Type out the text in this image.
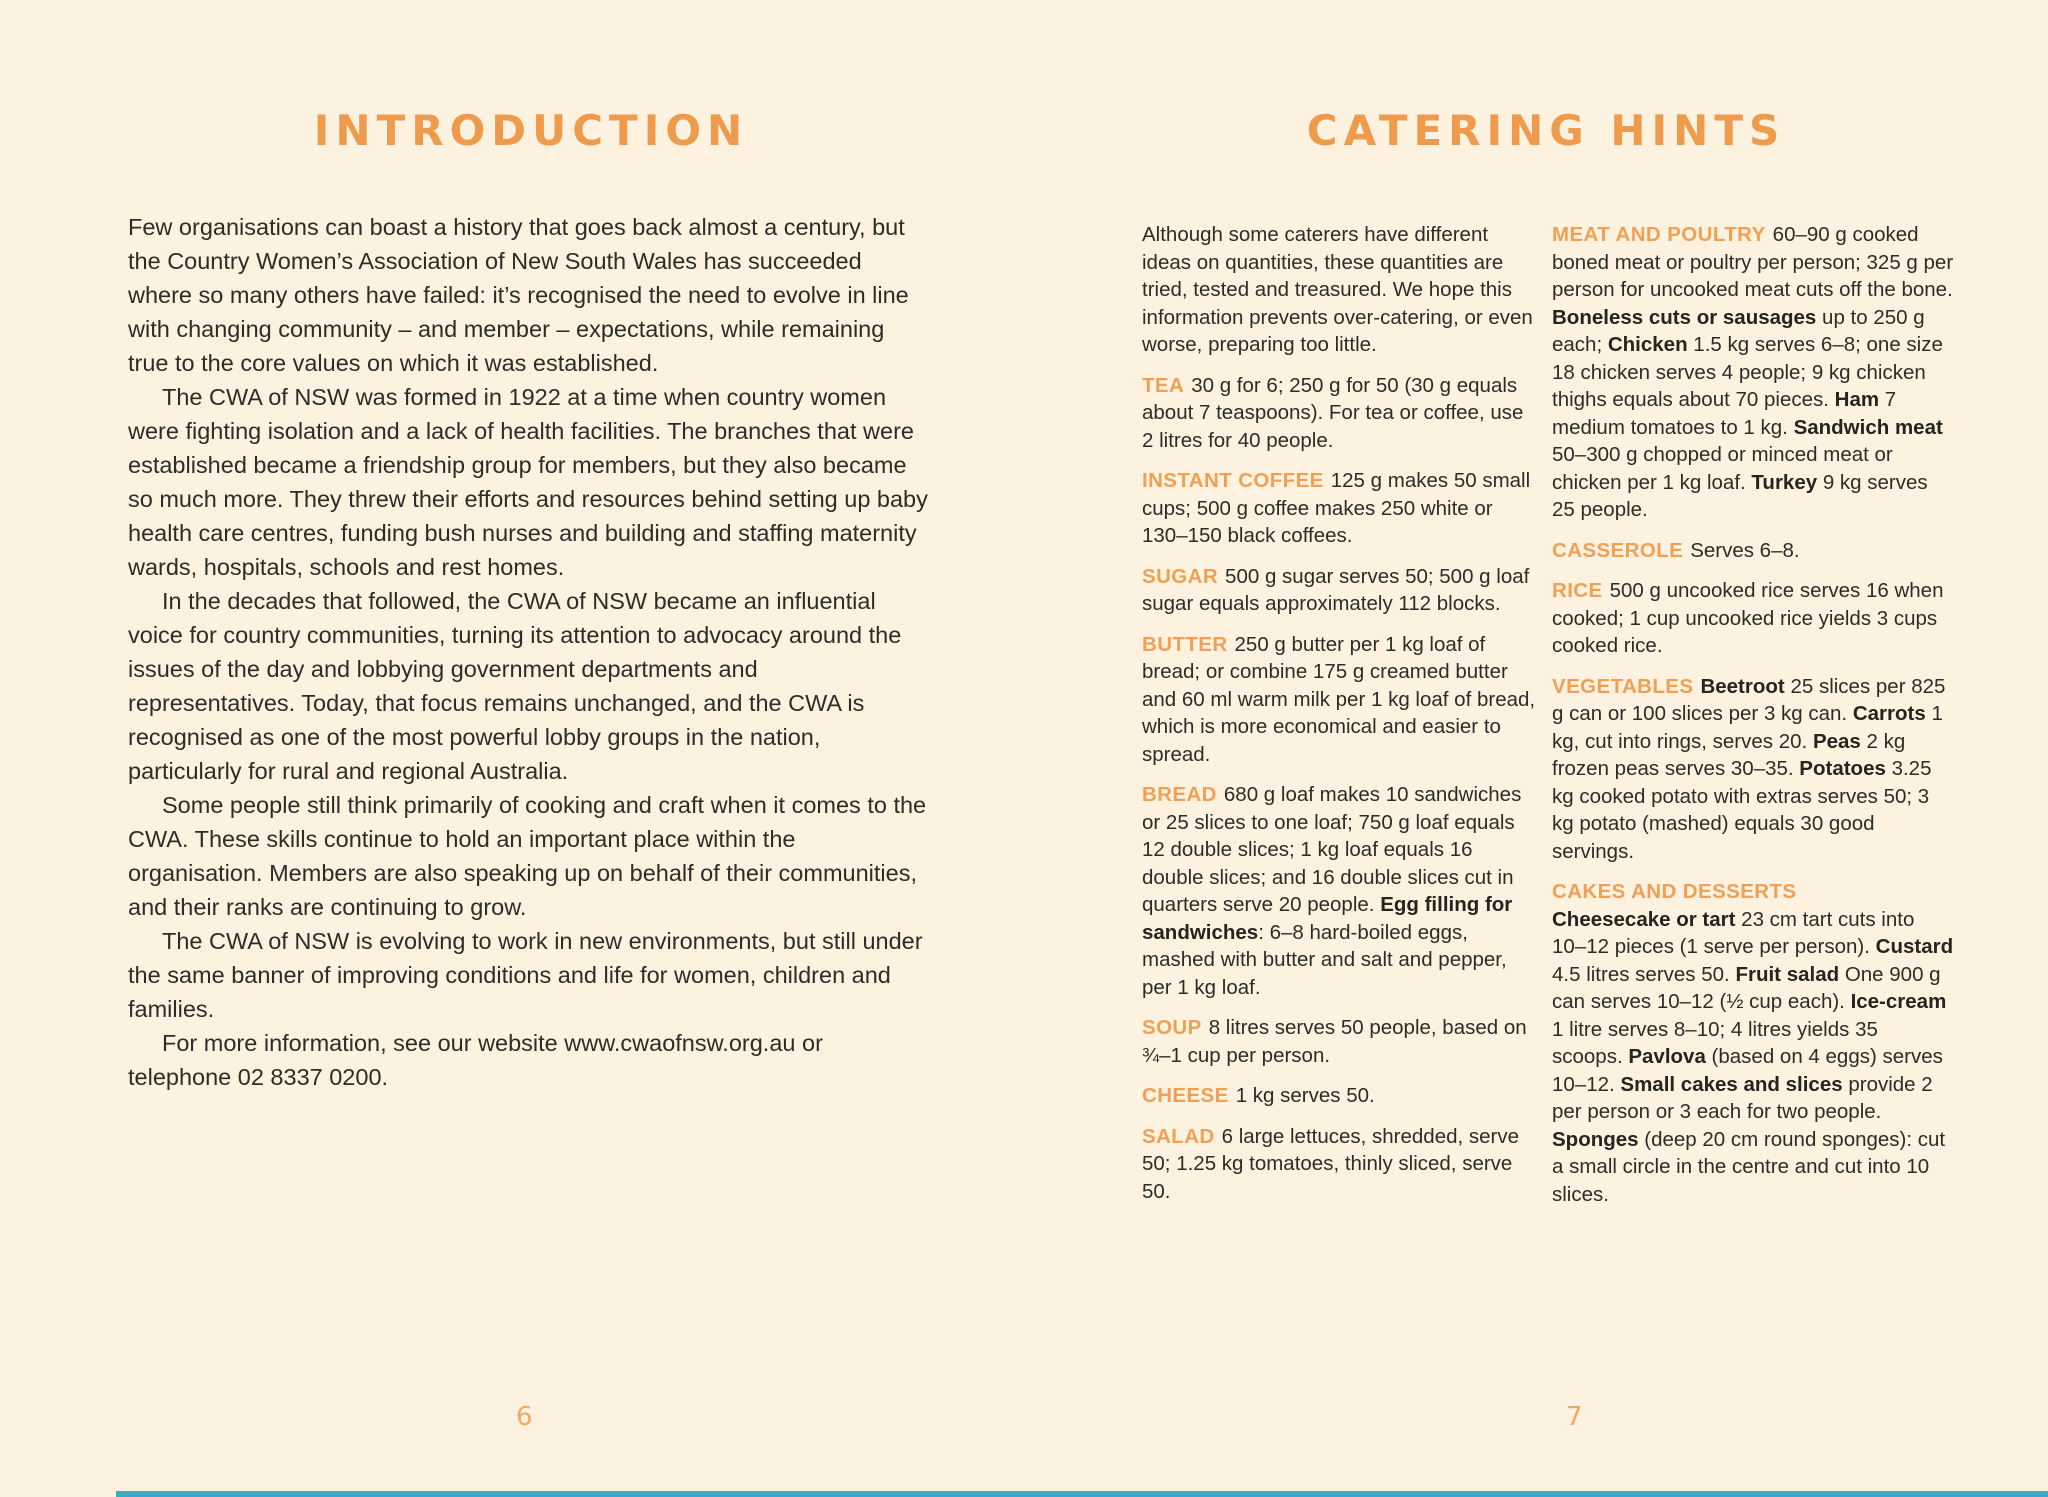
INTRODUCTION

Few organisations can boast a history that goes back almost a century, but the Country Women’s Association of New South Wales has succeeded where so many others have failed: it’s recognised the need to evolve in line with changing community – and member – expectations, while remaining true to the core values on which it was established.

The CWA of NSW was formed in 1922 at a time when country women were fighting isolation and a lack of health facilities. The branches that were established became a friendship group for members, but they also became so much more. They threw their efforts and resources behind setting up baby health care centres, funding bush nurses and building and staffing maternity wards, hospitals, schools and rest homes.

In the decades that followed, the CWA of NSW became an influential voice for country communities, turning its attention to advocacy around the issues of the day and lobbying government departments and representatives. Today, that focus remains unchanged, and the CWA is recognised as one of the most powerful lobby groups in the nation, particularly for rural and regional Australia.

Some people still think primarily of cooking and craft when it comes to the CWA. These skills continue to hold an important place within the organisation. Members are also speaking up on behalf of their communities, and their ranks are continuing to grow.

The CWA of NSW is evolving to work in new environments, but still under the same banner of improving conditions and life for women, children and families.

For more information, see our website www.cwaofnsw.org.au or telephone 02 8337 0200.

6
CATERING HINTS
Although some caterers have different ideas on quantities, these quantities are tried, tested and treasured. We hope this information prevents over-catering, or even worse, preparing too little.
TEA 30 g for 6; 250 g for 50 (30 g equals about 7 teaspoons). For tea or coffee, use 2 litres for 40 people.
INSTANT COFFEE 125 g makes 50 small cups; 500 g coffee makes 250 white or 130–150 black coffees.
SUGAR 500 g sugar serves 50; 500 g loaf sugar equals approximately 112 blocks.
BUTTER 250 g butter per 1 kg loaf of bread; or combine 175 g creamed butter and 60 ml warm milk per 1 kg loaf of bread, which is more economical and easier to spread.
BREAD 680 g loaf makes 10 sandwiches or 25 slices to one loaf; 750 g loaf equals 12 double slices; 1 kg loaf equals 16 double slices; and 16 double slices cut in quarters serve 20 people. Egg filling for sandwiches: 6–8 hard-boiled eggs, mashed with butter and salt and pepper, per 1 kg loaf.
SOUP 8 litres serves 50 people, based on ¾–1 cup per person.
CHEESE 1 kg serves 50.
SALAD 6 large lettuces, shredded, serve 50; 1.25 kg tomatoes, thinly sliced, serve 50.
MEAT AND POULTRY 60–90 g cooked boned meat or poultry per person; 325 g per person for uncooked meat cuts off the bone. Boneless cuts or sausages up to 250 g each; Chicken 1.5 kg serves 6–8; one size 18 chicken serves 4 people; 9 kg chicken thighs equals about 70 pieces. Ham 7 medium tomatoes to 1 kg. Sandwich meat 50–300 g chopped or minced meat or chicken per 1 kg loaf. Turkey 9 kg serves 25 people.
CASSEROLE Serves 6–8.
RICE 500 g uncooked rice serves 16 when cooked; 1 cup uncooked rice yields 3 cups cooked rice.
VEGETABLES Beetroot 25 slices per 825 g can or 100 slices per 3 kg can. Carrots 1 kg, cut into rings, serves 20. Peas 2 kg frozen peas serves 30–35. Potatoes 3.25 kg cooked potato with extras serves 50; 3 kg potato (mashed) equals 30 good servings.
CAKES AND DESSERTS
Cheesecake or tart 23 cm tart cuts into 10–12 pieces (1 serve per person). Custard 4.5 litres serves 50. Fruit salad One 900 g can serves 10–12 (½ cup each). Ice-cream 1 litre serves 8–10; 4 litres yields 35 scoops. Pavlova (based on 4 eggs) serves 10–12. Small cakes and slices provide 2 per person or 3 each for two people. Sponges (deep 20 cm round sponges): cut a small circle in the centre and cut into 10 slices.
7
